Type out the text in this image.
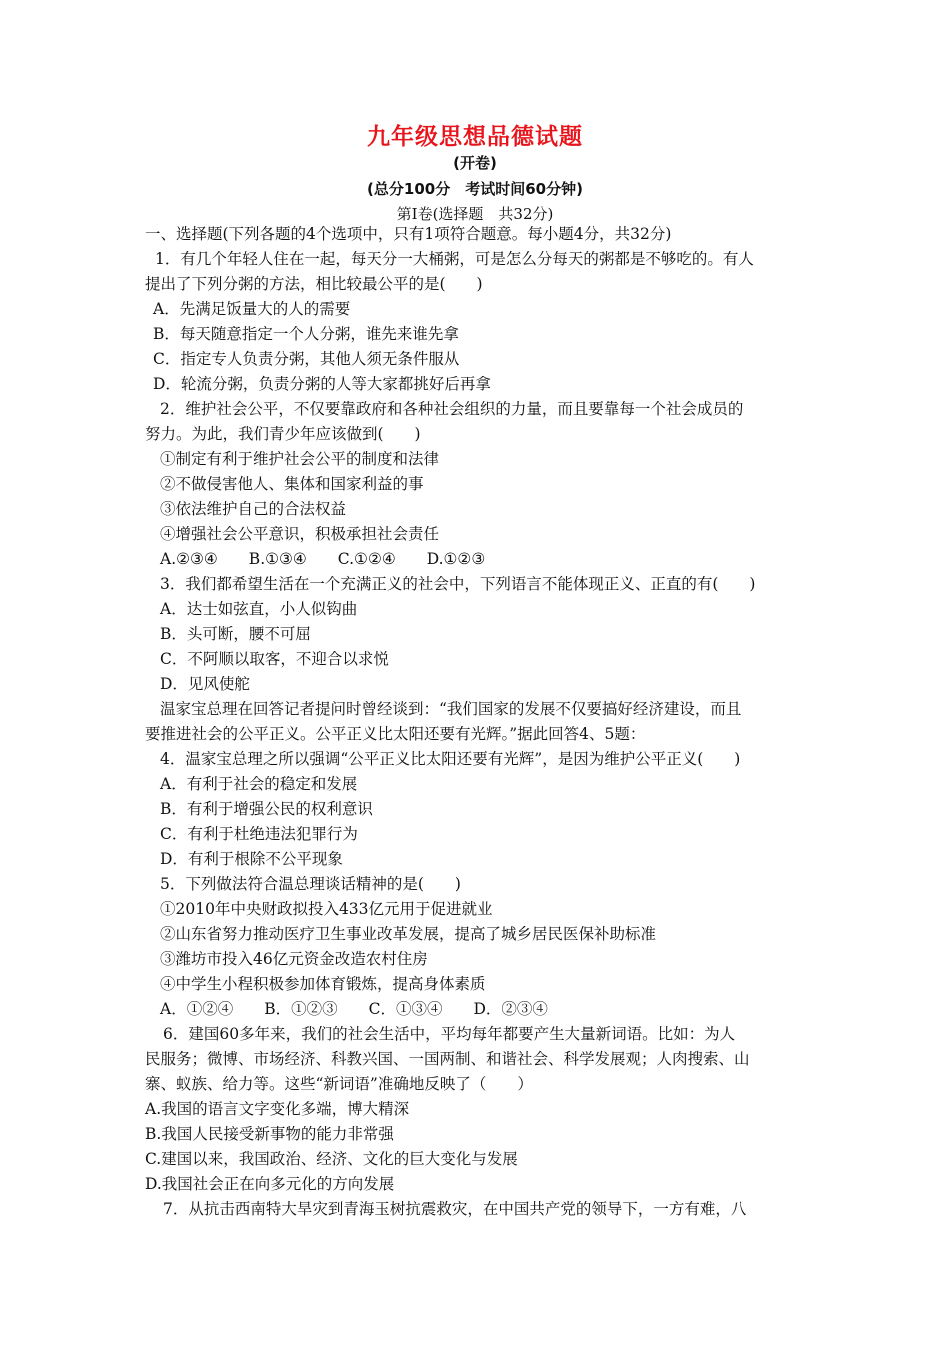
九年级思想品德试题
(开卷)
(总分100分　考试时间60分钟)
第Ⅰ卷(选择题　共32分)
一、选择题(下列各题的4个选项中，只有1项符合题意。每小题4分，共32分)
1．有几个年轻人住在一起，每天分一大桶粥，可是怎么分每天的粥都是不够吃的。有人
提出了下列分粥的方法，相比较最公平的是(　　)
A．先满足饭量大的人的需要
B．每天随意指定一个人分粥，谁先来谁先拿
C．指定专人负责分粥，其他人须无条件服从
D．轮流分粥，负责分粥的人等大家都挑好后再拿
2．维护社会公平，不仅要靠政府和各种社会组织的力量，而且要靠每一个社会成员的
努力。为此，我们青少年应该做到(　　)
①制定有利于维护社会公平的制度和法律
②不做侵害他人、集体和国家利益的事
③依法维护自己的合法权益
④增强社会公平意识，积极承担社会责任
A.②③④　　B.①③④　　C.①②④　　D.①②③
3．我们都希望生活在一个充满正义的社会中，下列语言不能体现正义、正直的有(　　)
A．达士如弦直，小人似钩曲
B．头可断，腰不可屈
C．不阿顺以取客，不迎合以求悦
D．见风使舵
温家宝总理在回答记者提问时曾经谈到：“我们国家的发展不仅要搞好经济建设，而且
要推进社会的公平正义。公平正义比太阳还要有光辉。”据此回答4、5题：
4．温家宝总理之所以强调“公平正义比太阳还要有光辉”，是因为维护公平正义(　　)
A．有利于社会的稳定和发展
B．有利于增强公民的权利意识
C．有利于杜绝违法犯罪行为
D．有利于根除不公平现象
5．下列做法符合温总理谈话精神的是(　　)
①2010年中央财政拟投入433亿元用于促进就业
②山东省努力推动医疗卫生事业改革发展，提高了城乡居民医保补助标准
③潍坊市投入46亿元资金改造农村住房
④中学生小程积极参加体育锻炼，提高身体素质
A．①②④　　B．①②③　　C．①③④　　D．②③④
6．建国60多年来，我们的社会生活中，平均每年都要产生大量新词语。比如：为人
民服务；微博、市场经济、科教兴国、一国两制、和谐社会、科学发展观；人肉搜索、山
寨、蚁族、给力等。这些“新词语”准确地反映了（　　）
A.我国的语言文字变化多端，博大精深
B.我国人民接受新事物的能力非常强
C.建国以来，我国政治、经济、文化的巨大变化与发展
D.我国社会正在向多元化的方向发展
7．从抗击西南特大旱灾到青海玉树抗震救灾，在中国共产党的领导下，一方有难，八
